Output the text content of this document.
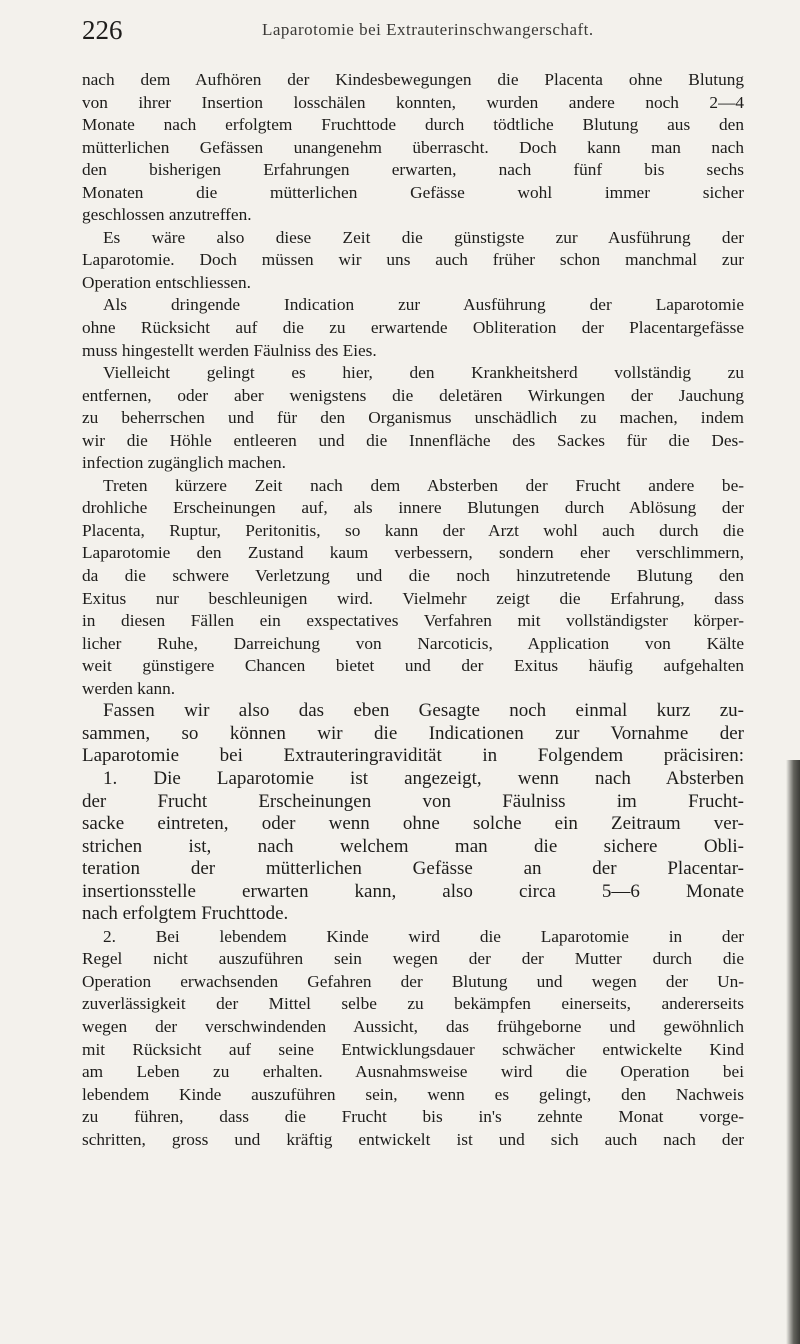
226	Laparotomie bei Extrauterinschwangerschaft.
nach dem Aufhören der Kindesbewegungen die Placenta ohne Blutung
von ihrer Insertion losschälen konnten, wurden andere noch 2—4
Monate nach erfolgtem Fruchttode durch tödtliche Blutung aus den
mütterlichen Gefässen unangenehm überrascht. Doch kann man nach
den bisherigen Erfahrungen erwarten, nach fünf bis sechs
Monaten die mütterlichen Gefässe wohl immer sicher
geschlossen anzutreffen.
Es wäre also diese Zeit die günstigste zur Ausführung der
Laparotomie. Doch müssen wir uns auch früher schon manchmal zur
Operation entschliessen.
Als dringende Indication zur Ausführung der Laparotomie
ohne Rücksicht auf die zu erwartende Obliteration der Placentargefässe
muss hingestellt werden Fäulniss des Eies.
Vielleicht gelingt es hier, den Krankheitsherd vollständig zu
entfernen, oder aber wenigstens die deletären Wirkungen der Jauchung
zu beherrschen und für den Organismus unschädlich zu machen, indem
wir die Höhle entleeren und die Innenfläche des Sackes für die Des-
infection zugänglich machen.
Treten kürzere Zeit nach dem Absterben der Frucht andere be-
drohliche Erscheinungen auf, als innere Blutungen durch Ablösung der
Placenta, Ruptur, Peritonitis, so kann der Arzt wohl auch durch die
Laparotomie den Zustand kaum verbessern, sondern eher verschlimmern,
da die schwere Verletzung und die noch hinzutretende Blutung den
Exitus nur beschleunigen wird. Vielmehr zeigt die Erfahrung, dass
in diesen Fällen ein exspectatives Verfahren mit vollständigster körper-
licher Ruhe, Darreichung von Narcoticis, Application von Kälte
weit günstigere Chancen bietet und der Exitus häufig aufgehalten
werden kann.
Fassen wir also das eben Gesagte noch einmal kurz zu-
sammen, so können wir die Indicationen zur Vornahme der
Laparotomie bei Extrauteringravidität in Folgendem präcisiren:
1. Die Laparotomie ist angezeigt, wenn nach Absterben
der Frucht Erscheinungen von Fäulniss im Frucht-
sacke eintreten, oder wenn ohne solche ein Zeitraum ver-
strichen ist, nach welchem man die sichere Obli-
teration der mütterlichen Gefässe an der Placentar-
insertionsstelle erwarten kann, also circa 5—6 Monate
nach erfolgtem Fruchttode.
2. Bei lebendem Kinde wird die Laparotomie in der
Regel nicht auszuführen sein wegen der der Mutter durch die
Operation erwachsenden Gefahren der Blutung und wegen der Un-
zuverlässigkeit der Mittel selbe zu bekämpfen einerseits, andererseits
wegen der verschwindenden Aussicht, das frühgeborne und gewöhnlich
mit Rücksicht auf seine Entwicklungsdauer schwächer entwickelte Kind
am Leben zu erhalten. Ausnahmsweise wird die Operation bei
lebendem Kinde auszuführen sein, wenn es gelingt, den Nachweis
zu führen, dass die Frucht bis in's zehnte Monat vorge-
schritten, gross und kräftig entwickelt ist und sich auch nach der
